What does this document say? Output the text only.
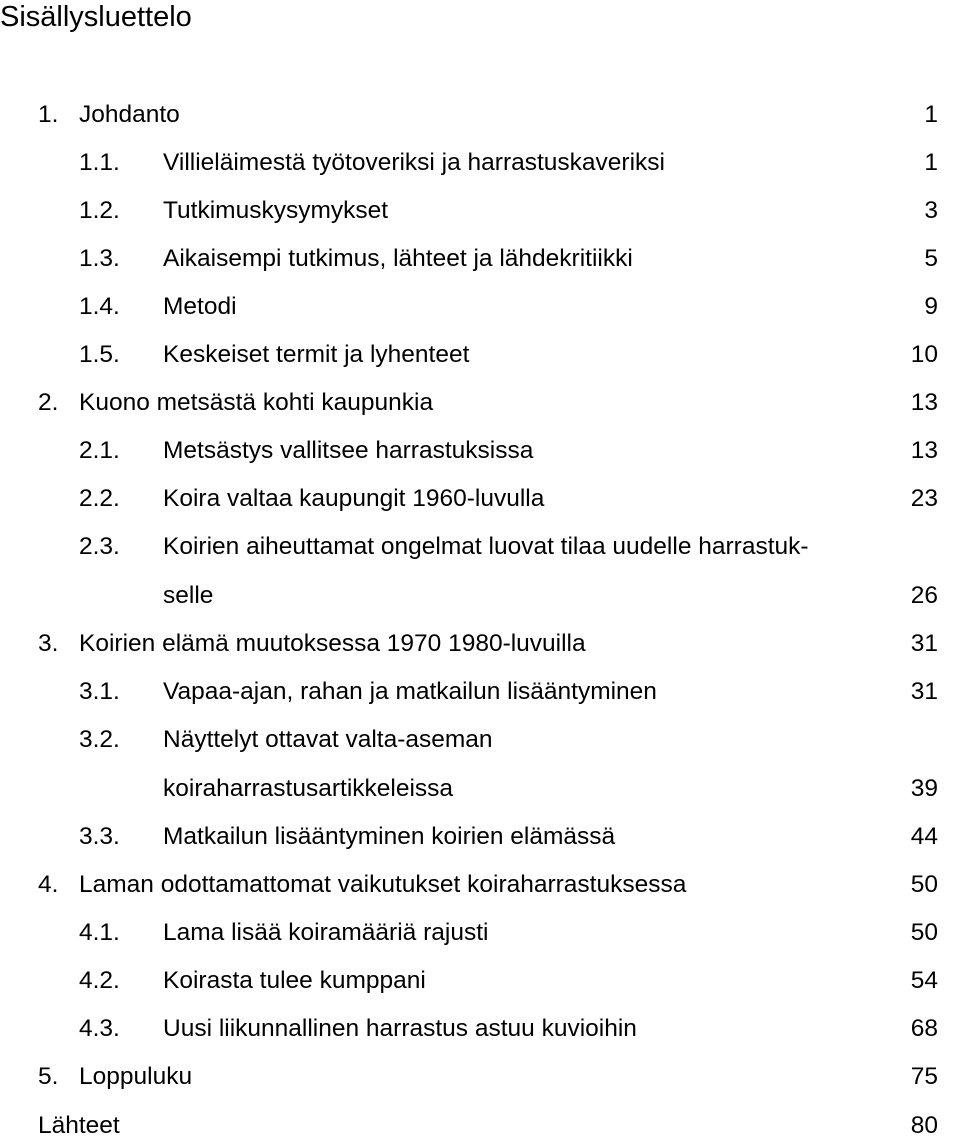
Sisällysluettelo
1. Johdanto	1
1.1. Villieläimestä työtoveriksi ja harrastuskaveriksi	1
1.2. Tutkimuskysymykset	3
1.3. Aikaisempi tutkimus, lähteet ja lähdekritiikki	5
1.4. Metodi	9
1.5. Keskeiset termit ja lyhenteet	10
2. Kuono metsästä kohti kaupunkia	13
2.1. Metsästys vallitsee harrastuksissa	13
2.2. Koira valtaa kaupungit 1960-luvulla	23
2.3. Koirien aiheuttamat ongelmat luovat tilaa uudelle harrastuk-
selle	26
3. Koirien elämä muutoksessa 1970 1980-luvuilla	31
3.1. Vapaa-ajan, rahan ja matkailun lisääntyminen	31
3.2. Näyttelyt ottavat valta-aseman
koiraharrastusartikkeleissa	39
3.3. Matkailun lisääntyminen koirien elämässä	44
4. Laman odottamattomat vaikutukset koiraharrastuksessa	50
4.1. Lama lisää koiramääriä rajusti	50
4.2. Koirasta tulee kumppani	54
4.3. Uusi liikunnallinen harrastus astuu kuvioihin	68
5. Loppuluku	75
Lähteet	80
